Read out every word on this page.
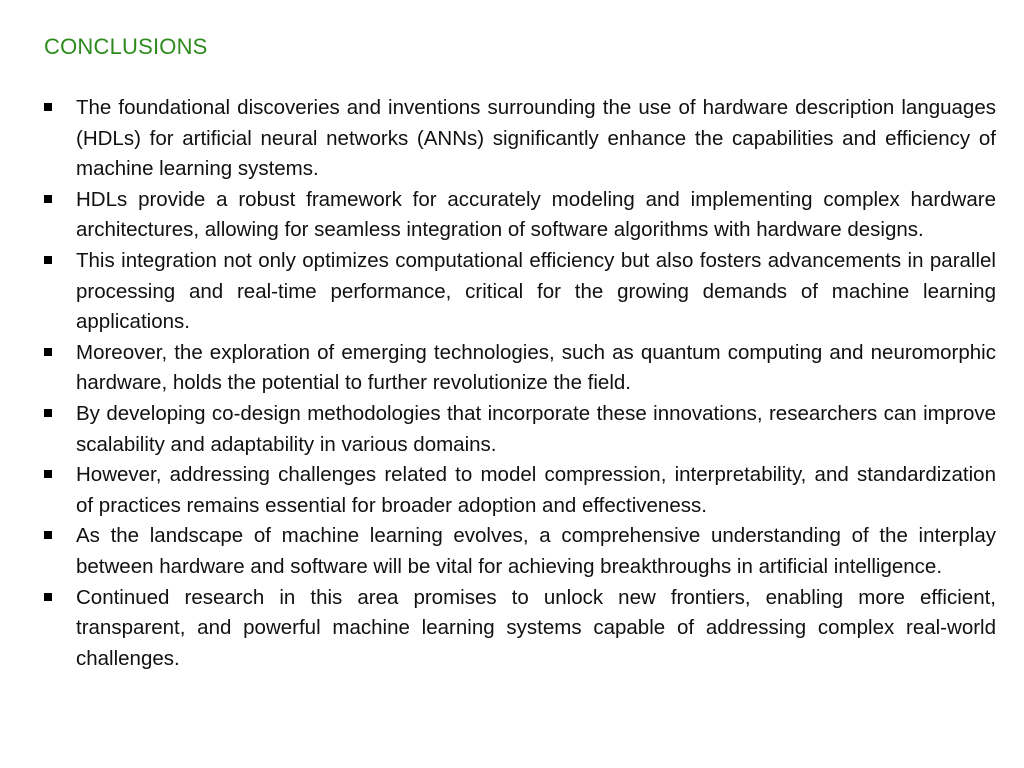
CONCLUSIONS
The foundational discoveries and inventions surrounding the use of hardware description languages (HDLs) for artificial neural networks (ANNs) significantly enhance the capabilities and efficiency of machine learning systems.
HDLs provide a robust framework for accurately modeling and implementing complex hardware architectures, allowing for seamless integration of software algorithms with hardware designs.
This integration not only optimizes computational efficiency but also fosters advancements in parallel processing and real-time performance, critical for the growing demands of machine learning applications.
Moreover, the exploration of emerging technologies, such as quantum computing and neuromorphic hardware, holds the potential to further revolutionize the field.
By developing co-design methodologies that incorporate these innovations, researchers can improve scalability and adaptability in various domains.
However, addressing challenges related to model compression, interpretability, and standardization of practices remains essential for broader adoption and effectiveness.
As the landscape of machine learning evolves, a comprehensive understanding of the interplay between hardware and software will be vital for achieving breakthroughs in artificial intelligence.
Continued research in this area promises to unlock new frontiers, enabling more efficient, transparent, and powerful machine learning systems capable of addressing complex real-world challenges.
